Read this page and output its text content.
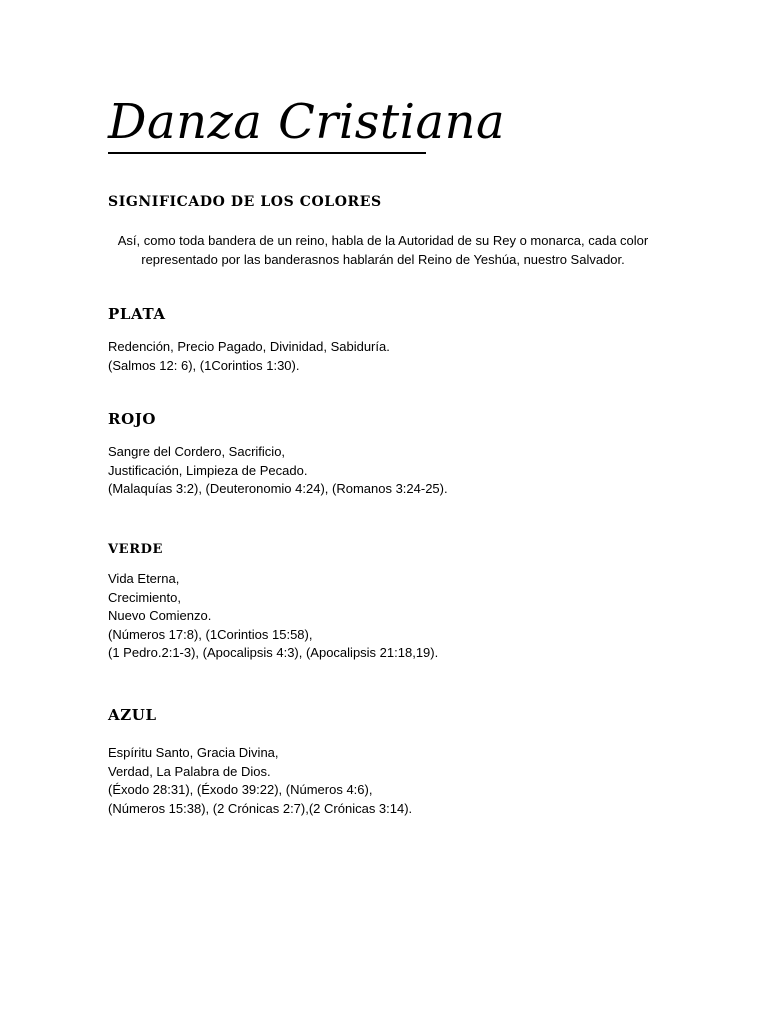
Danza Cristiana
SIGNIFICADO DE LOS COLORES

Así, como toda bandera de un reino, habla de la Autoridad de su Rey o monarca, cada color representado por las banderasnos hablarán del Reino de Yeshúa, nuestro Salvador.

PLATA
Redención, Precio Pagado, Divinidad, Sabiduría.
(Salmos 12: 6), (1Corintios 1:30).
ROJO
Sangre del Cordero, Sacrificio,
Justificación, Limpieza de Pecado.
(Malaquías 3:2), (Deuteronomio 4:24), (Romanos 3:24-25).
VERDE
Vida Eterna,
Crecimiento,
Nuevo Comienzo.
(Números 17:8), (1Corintios 15:58),
(1 Pedro.2:1-3), (Apocalipsis 4:3), (Apocalipsis 21:18,19).
AZUL
Espíritu Santo, Gracia Divina,
Verdad, La Palabra de Dios.
(Éxodo 28:31), (Éxodo 39:22), (Números 4:6),
(Números 15:38), (2 Crónicas 2:7),(2 Crónicas 3:14).
